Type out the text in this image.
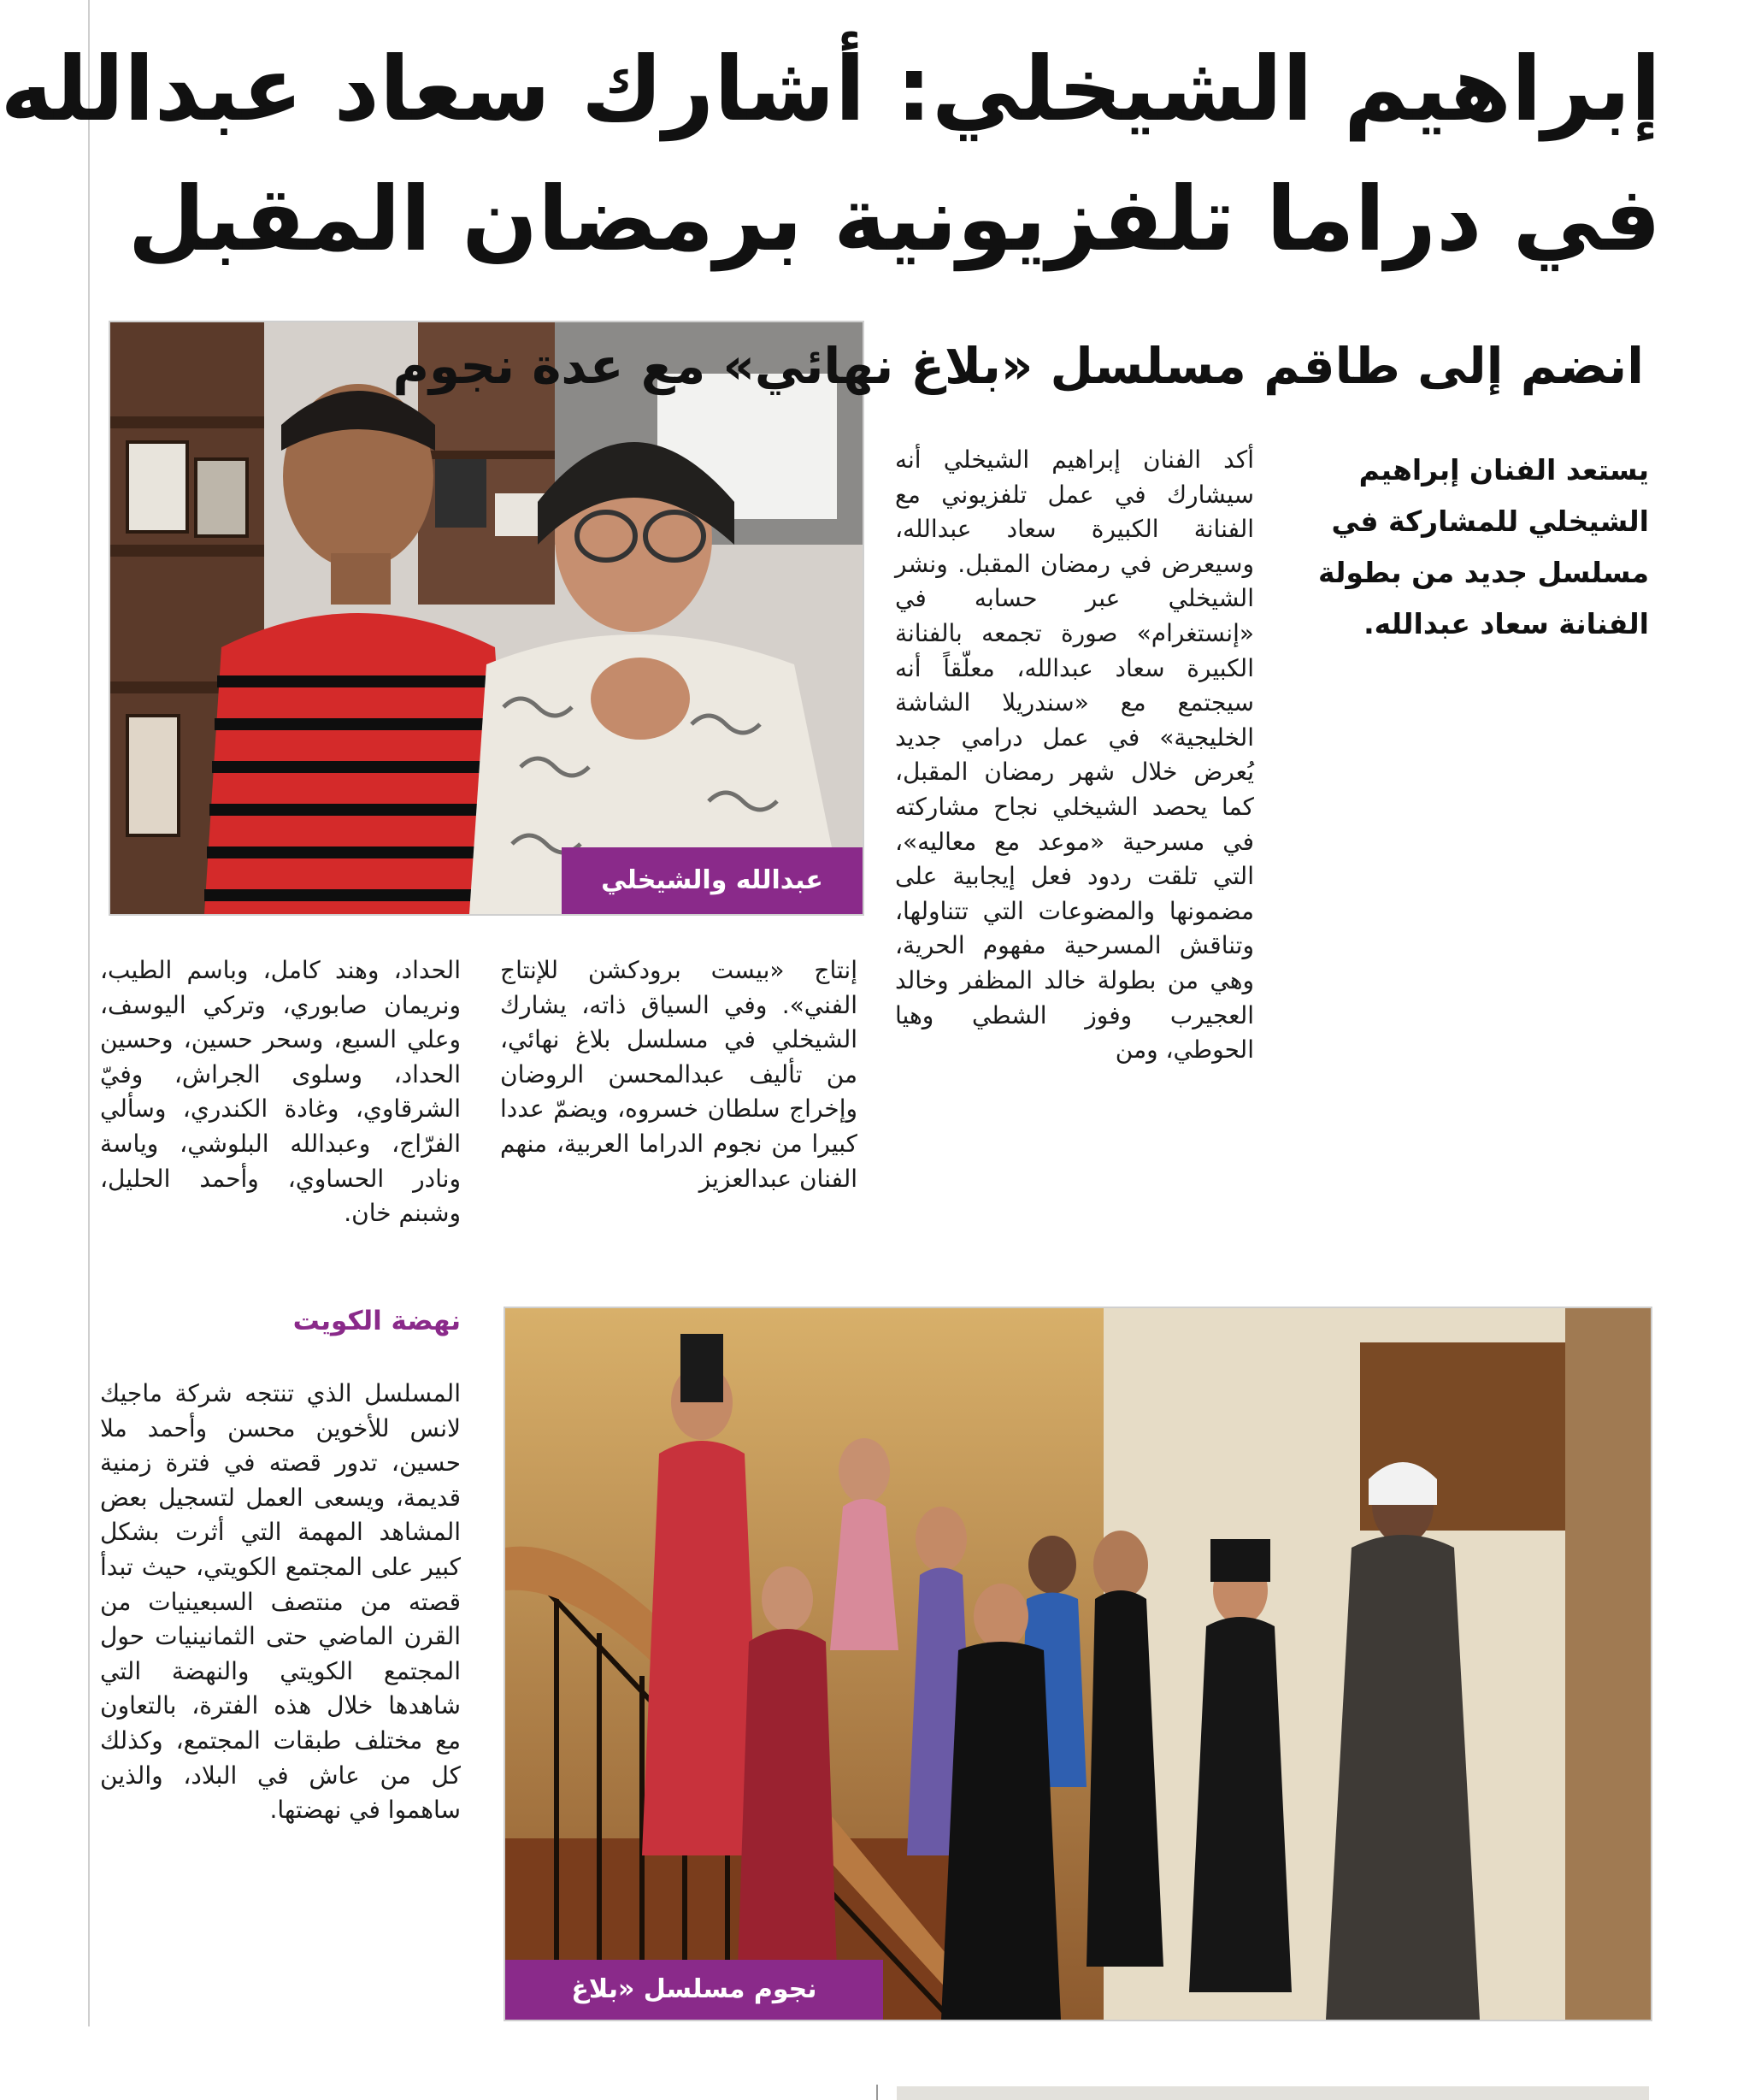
إبراهيم الشيخلي: أشارك سعاد عبدالله
في دراما تلفزيونية برمضان المقبل
عبدالله والشيخلي
انضم إلى طاقم مسلسل «بلاغ نهائي» مع عدة نجوم

يستعد الفنان إبراهيم الشيخلي للمشاركة في مسلسل جديد من بطولة الفنانة سعاد عبدالله.

أكد الفنان إبراهيم الشيخلي أنه سيشارك في عمل تلفزيوني مع الفنانة الكبيرة سعاد عبدالله، وسيعرض في رمضان المقبل. ونشر الشيخلي عبر حسابه في «إنستغرام» صورة تجمعه بالفنانة الكبيرة سعاد عبدالله، معلّقاً أنه سيجتمع مع «سندريلا الشاشة الخليجية» في عمل درامي جديد يُعرض خلال شهر رمضان المقبل، كما يحصد الشيخلي نجاح مشاركته في مسرحية «موعد مع معاليه»، التي تلقت ردود فعل إيجابية على مضمونها والمضوعات التي تتناولها، وتناقش المسرحية مفهوم الحرية، وهي من بطولة خالد المظفر وخالد العجيرب وفوز الشطي وهيا الحوطي، ومن

إنتاج «بيست برودكشن للإنتاج الفني». وفي السياق ذاته، يشارك الشيخلي في مسلسل بلاغ نهائي، من تأليف عبدالمحسن الروضان وإخراج سلطان خسروه، ويضمّ عددا كبيرا من نجوم الدراما العربية، منهم الفنان عبدالعزيز

الحداد، وهند كامل، وباسم الطيب، ونريمان صابوري، وتركي اليوسف، وعلي السبع، وسحر حسين، وحسين الحداد، وسلوى الجراش، وفيّ الشرقاوي، وغادة الكندري، وسألي الفرّاج، وعبدالله البلوشي، وياسة ونادر الحساوي، وأحمد الحليل، وشبنم خان.

نهضة الكويت

المسلسل الذي تنتجه شركة ماجيك لانس للأخوين محسن وأحمد ملا حسين، تدور قصته في فترة زمنية قديمة، ويسعى العمل لتسجيل بعض المشاهد المهمة التي أثرت بشكل كبير على المجتمع الكويتي، حيث تبدأ قصته من منتصف السبعينيات من القرن الماضي حتى الثمانينيات حول المجتمع الكويتي والنهضة التي شاهدها خلال هذه الفترة، بالتعاون مع مختلف طبقات المجتمع، وكذلك كل من عاش في البلاد، والذين ساهموا في نهضتها.

نجوم مسلسل «بلاغ نهائي»
